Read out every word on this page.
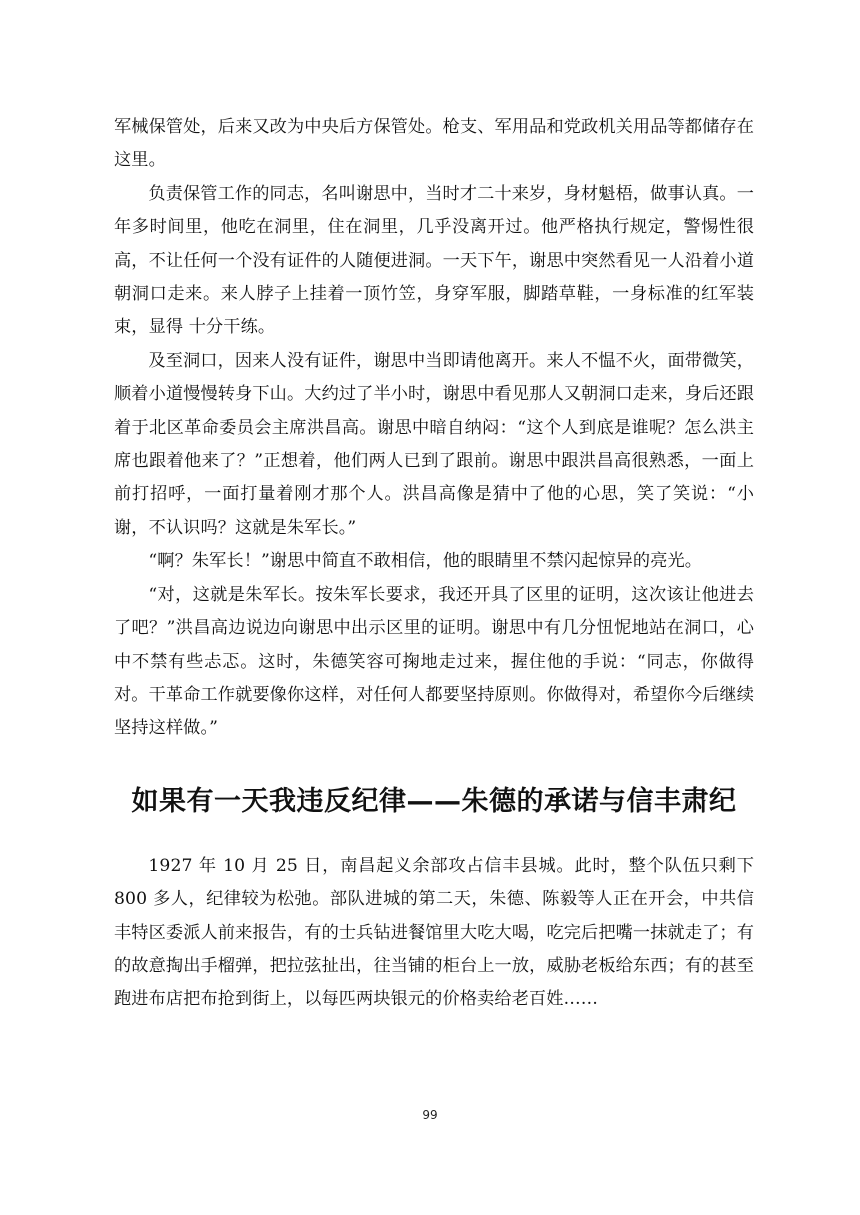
军械保管处，后来又改为中央后方保管处。枪支、军用品和党政机关用品等都储存在这里。

负责保管工作的同志，名叫谢思中，当时才二十来岁，身材魁梧，做事认真。一年多时间里，他吃在洞里，住在洞里，几乎没离开过。他严格执行规定，警惕性很高，不让任何一个没有证件的人随便进洞。一天下午，谢思中突然看见一人沿着小道朝洞口走来。来人脖子上挂着一顶竹笠，身穿军服，脚踏草鞋，一身标准的红军装束，显得 十分干练。

及至洞口，因来人没有证件，谢思中当即请他离开。来人不愠不火，面带微笑，顺着小道慢慢转身下山。大约过了半小时，谢思中看见那人又朝洞口走来，身后还跟着于北区革命委员会主席洪昌高。谢思中暗自纳闷：“这个人到底是谁呢？怎么洪主席也跟着他来了？”正想着，他们两人已到了跟前。谢思中跟洪昌高很熟悉，一面上前打招呼，一面打量着刚才那个人。洪昌高像是猜中了他的心思，笑了笑说：“小谢，不认识吗？这就是朱军长。”

“啊？朱军长！”谢思中简直不敢相信，他的眼睛里不禁闪起惊异的亮光。

“对，这就是朱军长。按朱军长要求，我还开具了区里的证明，这次该让他进去了吧？”洪昌高边说边向谢思中出示区里的证明。谢思中有几分忸怩地站在洞口，心中不禁有些忐忑。这时，朱德笑容可掬地走过来，握住他的手说：“同志，你做得对。干革命工作就要像你这样，对任何人都要坚持原则。你做得对，希望你今后继续坚持这样做。”

如果有一天我违反纪律——朱德的承诺与信丰肃纪

1927 年 10 月 25 日，南昌起义余部攻占信丰县城。此时，整个队伍只剩下 800 多人，纪律较为松弛。部队进城的第二天，朱德、陈毅等人正在开会，中共信丰特区委派人前来报告，有的士兵钻进餐馆里大吃大喝，吃完后把嘴一抹就走了；有的故意掏出手榴弹，把拉弦扯出，往当铺的柜台上一放，威胁老板给东西；有的甚至跑进布店把布抢到街上，以每匹两块银元的价格卖给老百姓……

99
